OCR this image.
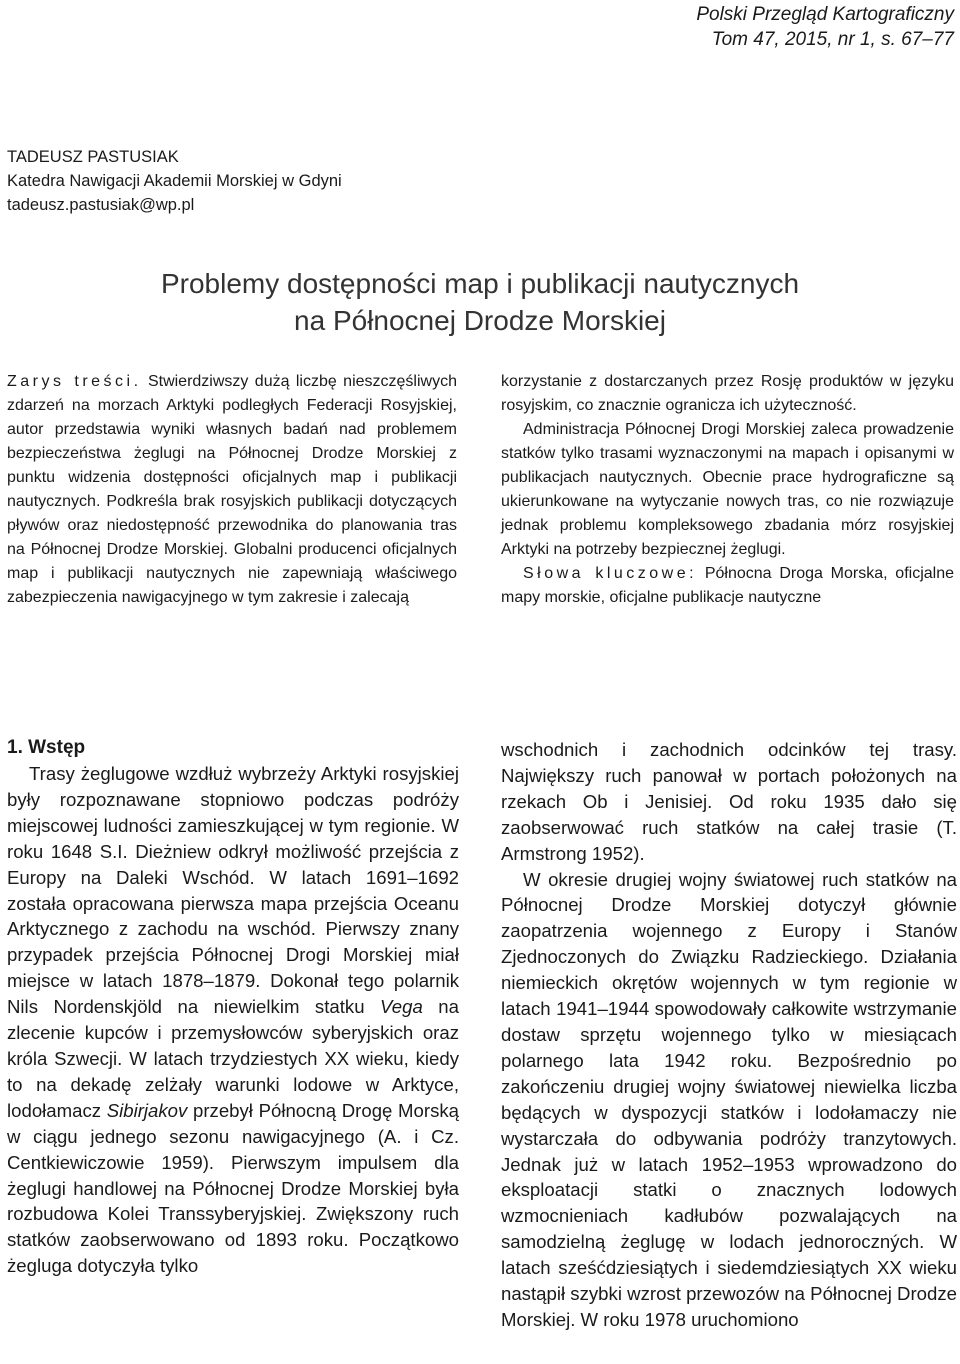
Polski Przegląd Kartograficzny
Tom 47, 2015, nr 1, s. 67–77
TADEUSZ PASTUSIAK
Katedra Nawigacji Akademii Morskiej w Gdyni
tadeusz.pastusiak@wp.pl
Problemy dostępności map i publikacji nautycznych
na Północnej Drodze Morskiej
Zarys treści. Stwierdziwszy dużą liczbę nieszczęśliwych zdarzeń na morzach Arktyki podległych Federacji Rosyjskiej, autor przedstawia wyniki własnych badań nad problemem bezpieczeństwa żeglugi na Północnej Drodze Morskiej z punktu widzenia dostępności oficjalnych map i publikacji nautycznych. Podkreśla brak rosyjskich publikacji dotyczących pływów oraz niedostępność przewodnika do planowania tras na Północnej Drodze Morskiej. Globalni producenci oficjalnych map i publikacji nautycznych nie zapewniają właściwego zabezpieczenia nawigacyjnego w tym zakresie i zalecają

korzystanie z dostarczanych przez Rosję produktów w języku rosyjskim, co znacznie ogranicza ich użyteczność.

Administracja Północnej Drogi Morskiej zaleca prowadzenie statków tylko trasami wyznaczonymi na mapach i opisanymi w publikacjach nautycznych. Obecnie prace hydrograficzne są ukierunkowane na wytyczanie nowych tras, co nie rozwiązuje jednak problemu kompleksowego zbadania mórz rosyjskiej Arktyki na potrzeby bezpiecznej żeglugi.

Słowa kluczowe: Północna Droga Morska, oficjalne mapy morskie, oficjalne publikacje nautyczne

1. Wstęp

Trasy żeglugowe wzdłuż wybrzeży Arktyki rosyjskiej były rozpoznawane stopniowo podczas podróży miejscowej ludności zamieszkującej w tym regionie. W roku 1648 S.I. Dieżniew odkrył możliwość przejścia z Europy na Daleki Wschód. W latach 1691–1692 została opracowana pierwsza mapa przejścia Oceanu Arktycznego z zachodu na wschód. Pierwszy znany przypadek przejścia Północnej Drogi Morskiej miał miejsce w latach 1878–1879. Dokonał tego polarnik Nils Nordenskjöld na niewielkim statku Vega na zlecenie kupców i przemysłowców syberyjskich oraz króla Szwecji. W latach trzydziestych XX wieku, kiedy to na dekadę zelżały warunki lodowe w Arktyce, lodołamacz Sibirjakov przebył Północną Drogę Morską w ciągu jednego sezonu nawigacyjnego (A. i Cz. Centkiewiczowie 1959). Pierwszym impulsem dla żeglugi handlowej na Północnej Drodze Morskiej była rozbudowa Kolei Transsyberyjskiej. Zwiększony ruch statków zaobserwowano od 1893 roku. Początkowo żegluga dotyczyła tylko

wschodnich i zachodnich odcinków tej trasy. Największy ruch panował w portach położonych na rzekach Ob i Jenisiej. Od roku 1935 dało się zaobserwować ruch statków na całej trasie (T. Armstrong 1952).

W okresie drugiej wojny światowej ruch statków na Północnej Drodze Morskiej dotyczył głównie zaopatrzenia wojennego z Europy i Stanów Zjednoczonych do Związku Radzieckiego. Działania niemieckich okrętów wojennych w tym regionie w latach 1941–1944 spowodowały całkowite wstrzymanie dostaw sprzętu wojennego tylko w miesiącach polarnego lata 1942 roku. Bezpośrednio po zakończeniu drugiej wojny światowej niewielka liczba będących w dyspozycji statków i lodołamaczy nie wystarczała do odbywania podróży tranzytowych. Jednak już w latach 1952–1953 wprowadzono do eksploatacji statki o znacznych lodowych wzmocnieniach kadłubów pozwalających na samodzielną żeglugę w lodach jednoroczných. W latach sześćdziesiątych i siedemdziesiątych XX wieku nastąpił szybki wzrost przewozów na Północnej Drodze Morskiej. W roku 1978 uruchomiono
